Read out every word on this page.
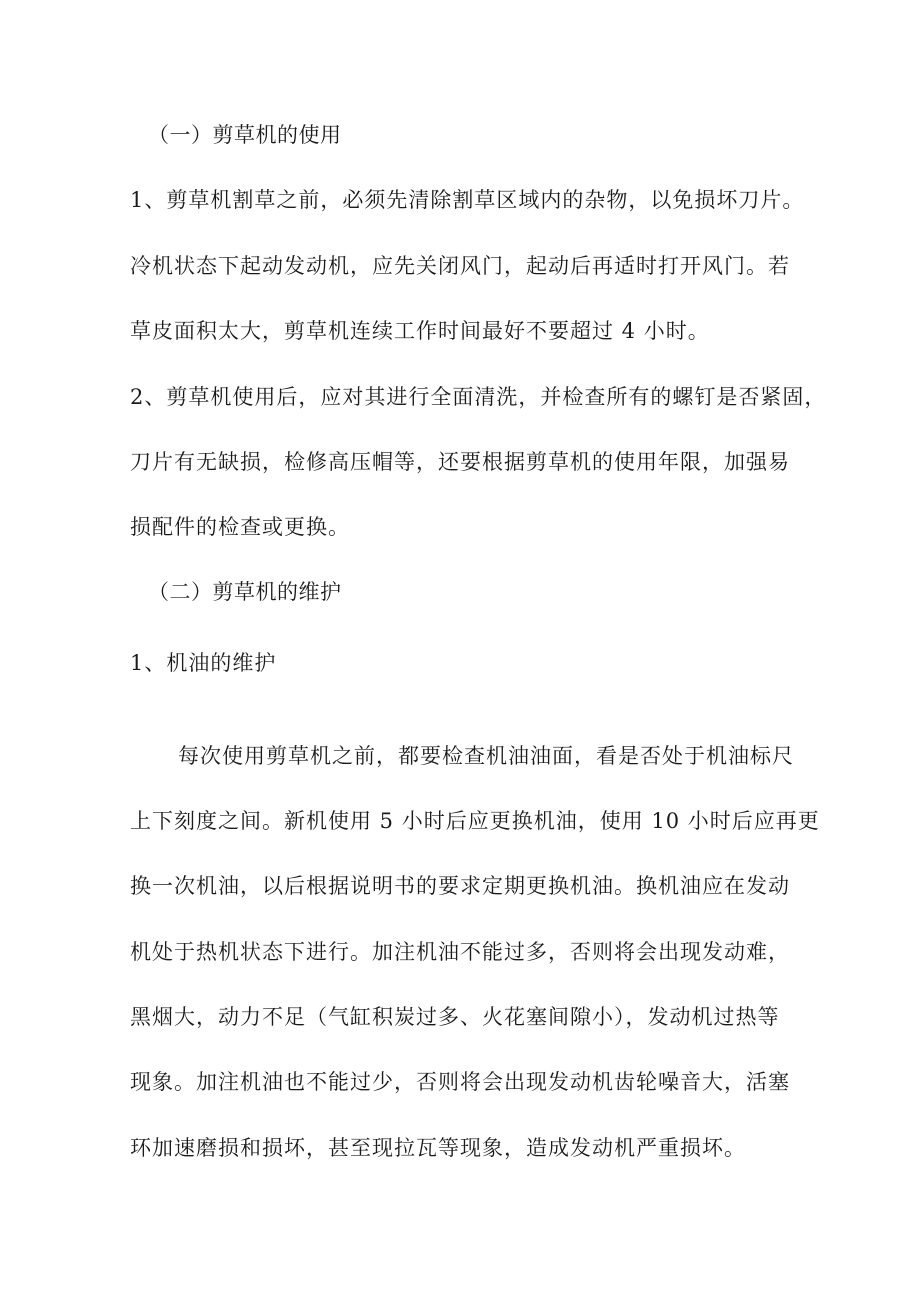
（一）剪草机的使用
1、剪草机割草之前，必须先清除割草区域内的杂物，以免损坏刀片。
冷机状态下起动发动机，应先关闭风门，起动后再适时打开风门。若
草皮面积太大，剪草机连续工作时间最好不要超过 4 小时。
2、剪草机使用后，应对其进行全面清洗，并检查所有的螺钉是否紧固，
刀片有无缺损，检修高压帽等，还要根据剪草机的使用年限，加强易
损配件的检查或更换。
（二）剪草机的维护
1、机油的维护
每次使用剪草机之前，都要检查机油油面，看是否处于机油标尺
上下刻度之间。新机使用 5 小时后应更换机油，使用 10 小时后应再更
换一次机油，以后根据说明书的要求定期更换机油。换机油应在发动
机处于热机状态下进行。加注机油不能过多，否则将会出现发动难，
黑烟大，动力不足（气缸积炭过多、火花塞间隙小），发动机过热等
现象。加注机油也不能过少，否则将会出现发动机齿轮噪音大，活塞
环加速磨损和损坏，甚至现拉瓦等现象，造成发动机严重损坏。
